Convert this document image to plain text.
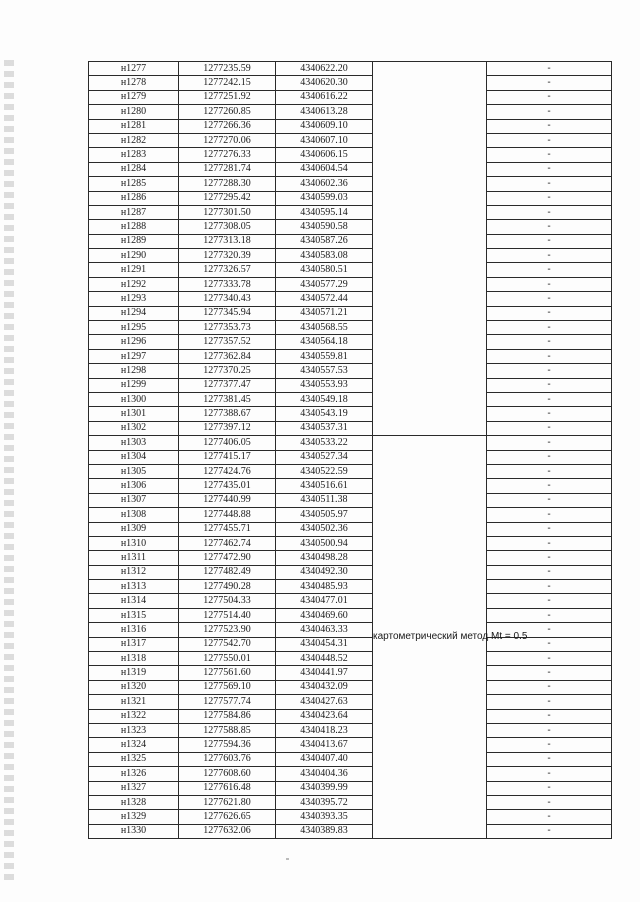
н1277	1277235.59	4340622.20		-
н1278	1277242.15	4340620.30		-
н1279	1277251.92	4340616.22		-
н1280	1277260.85	4340613.28		-
н1281	1277266.36	4340609.10		-
н1282	1277270.06	4340607.10		-
н1283	1277276.33	4340606.15		-
н1284	1277281.74	4340604.54		-
н1285	1277288.30	4340602.36		-
н1286	1277295.42	4340599.03		-
н1287	1277301.50	4340595.14		-
н1288	1277308.05	4340590.58		-
н1289	1277313.18	4340587.26		-
н1290	1277320.39	4340583.08		-
н1291	1277326.57	4340580.51		-
н1292	1277333.78	4340577.29		-
н1293	1277340.43	4340572.44		-
н1294	1277345.94	4340571.21		-
н1295	1277353.73	4340568.55		-
н1296	1277357.52	4340564.18		-
н1297	1277362.84	4340559.81		-
н1298	1277370.25	4340557.53		-
н1299	1277377.47	4340553.93		-
н1300	1277381.45	4340549.18		-
н1301	1277388.67	4340543.19		-
н1302	1277397.12	4340537.31		-
н1303	1277406.05	4340533.22	картометрический метод Mt = 0.5	-
н1304	1277415.17	4340527.34		-
н1305	1277424.76	4340522.59		-
н1306	1277435.01	4340516.61		-
н1307	1277440.99	4340511.38		-
н1308	1277448.88	4340505.97		-
н1309	1277455.71	4340502.36		-
н1310	1277462.74	4340500.94		-
н1311	1277472.90	4340498.28		-
н1312	1277482.49	4340492.30		-
н1313	1277490.28	4340485.93		-
н1314	1277504.33	4340477.01		-
н1315	1277514.40	4340469.60		-
н1316	1277523.90	4340463.33		-
н1317	1277542.70	4340454.31		-
н1318	1277550.01	4340448.52		-
н1319	1277561.60	4340441.97		-
н1320	1277569.10	4340432.09		-
н1321	1277577.74	4340427.63		-
н1322	1277584.86	4340423.64		-
н1323	1277588.85	4340418.23		-
н1324	1277594.36	4340413.67		-
н1325	1277603.76	4340407.40		-
н1326	1277608.60	4340404.36		-
н1327	1277616.48	4340399.99		-
н1328	1277621.80	4340395.72		-
н1329	1277626.65	4340393.35		-
н1330	1277632.06	4340389.83		-
